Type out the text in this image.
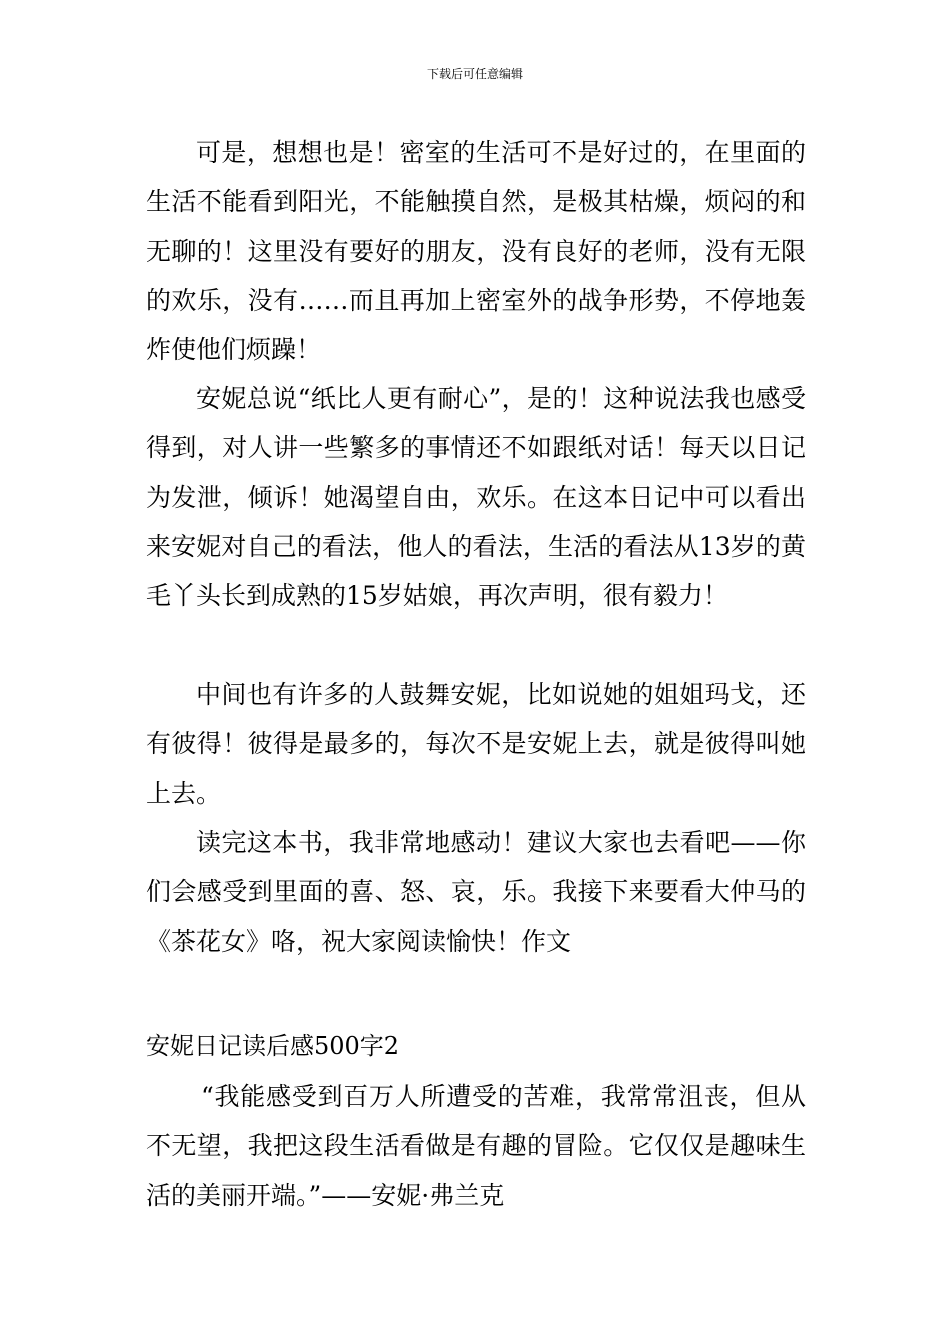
下载后可任意编辑

可是，想想也是！密室的生活可不是好过的，在里面的生活不能看到阳光，不能触摸自然，是极其枯燥，烦闷的和无聊的！这里没有要好的朋友，没有良好的老师，没有无限的欢乐，没有……而且再加上密室外的战争形势，不停地轰炸使他们烦躁！

安妮总说“纸比人更有耐心”，是的！这种说法我也感受得到，对人讲一些繁多的事情还不如跟纸对话！每天以日记为发泄，倾诉！她渴望自由，欢乐。在这本日记中可以看出来安妮对自己的看法，他人的看法，生活的看法从13岁的黄毛丫头长到成熟的15岁姑娘，再次声明，很有毅力！

中间也有许多的人鼓舞安妮，比如说她的姐姐玛戈，还有彼得！彼得是最多的，每次不是安妮上去，就是彼得叫她上去。

读完这本书，我非常地感动！建议大家也去看吧——你们会感受到里面的喜、怒、哀，乐。我接下来要看大仲马的《茶花女》咯，祝大家阅读愉快！作文

安妮日记读后感500字2

“我能感受到百万人所遭受的苦难，我常常沮丧，但从不无望，我把这段生活看做是有趣的冒险。它仅仅是趣味生活的美丽开端。”——安妮·弗兰克
